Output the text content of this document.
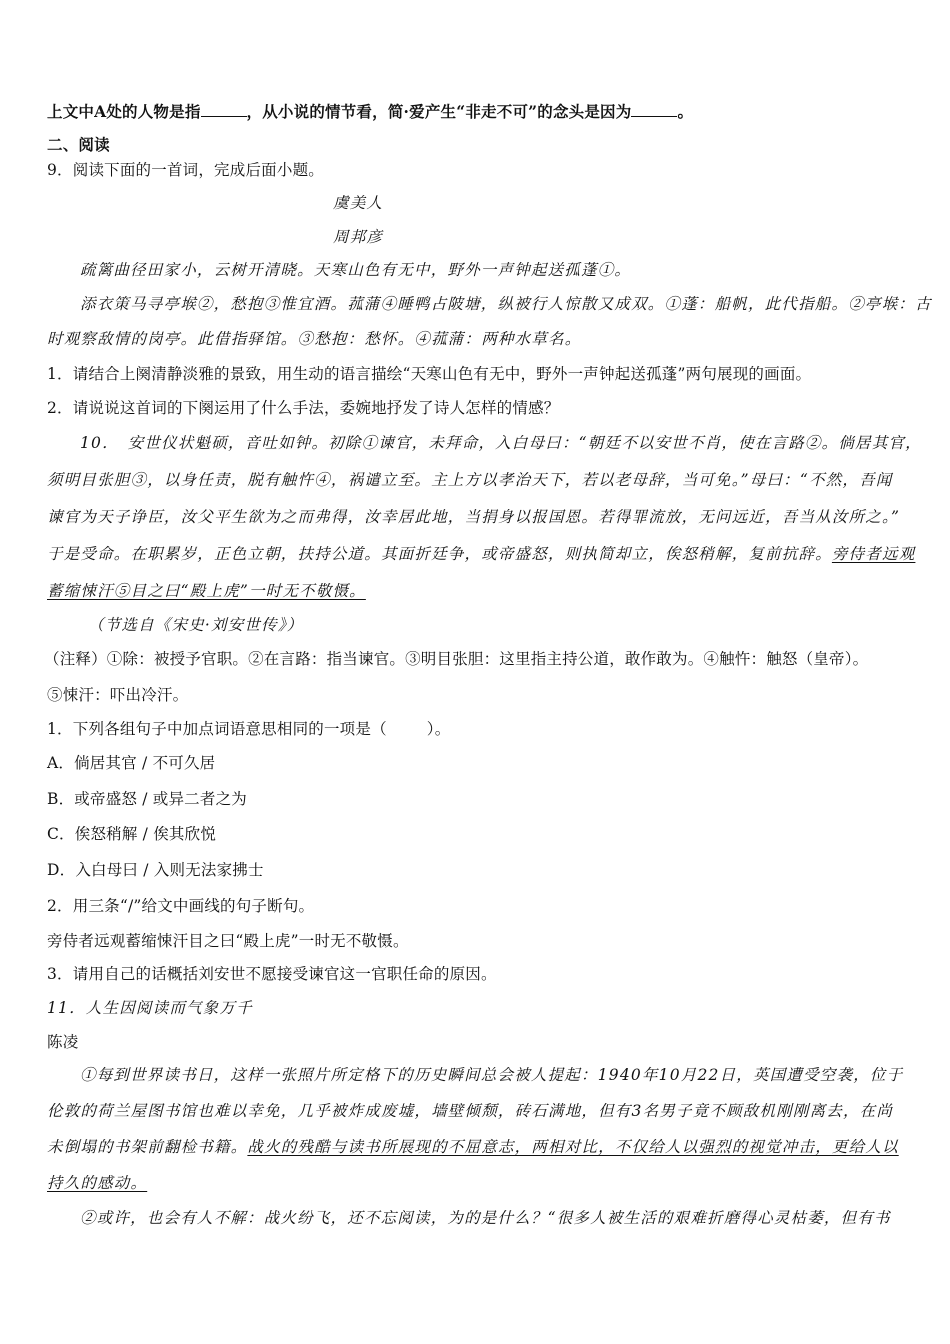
上文中A处的人物是指	，从小说的情节看，简·爱产生“非走不可”的念头是因为	。
二、阅读
9．阅读下面的一首词，完成后面小题。
虞美人
周邦彦
疏篱曲径田家小，云树开清晓。天寒山色有无中，野外一声钟起送孤蓬①。
添衣策马寻亭堠②，愁抱③惟宜酒。菰蒲④睡鸭占陂塘，纵被行人惊散又成双。①蓬：船帆，此代指船。②亭堠：古
时观察敌情的岗亭。此借指驿馆。③愁抱：愁怀。④菰蒲：两种水草名。
1．请结合上阕清静淡雅的景致，用生动的语言描绘“天寒山色有无中，野外一声钟起送孤蓬”两句展现的画面。
2．请说说这首词的下阕运用了什么手法，委婉地抒发了诗人怎样的情感？
10．　安世仪状魁硕，音吐如钟。初除①谏官，未拜命，入白母曰：“朝廷不以安世不肖，使在言路②。倘居其官，
须明目张胆③，以身任责，脱有触忤④，祸谴立至。主上方以孝治天下，若以老母辞，当可免。”母曰：“不然，吾闻
谏官为天子诤臣，汝父平生欲为之而弗得，汝幸居此地，当捐身以报国恩。若得罪流放，无问远近，吾当从汝所之。”
于是受命。在职累岁，正色立朝，扶持公道。其面折廷争，或帝盛怒，则执简却立，俟怒稍解，复前抗辞。旁侍者远观
蓄缩悚汗⑤目之曰“殿上虎”一时无不敬慑。
（节选自《宋史·刘安世传》）
（注释）①除：被授予官职。②在言路：指当谏官。③明目张胆：这里指主持公道，敢作敢为。④触忤：触怒（皇帝）。
⑤悚汗：吓出冷汗。
1．下列各组句子中加点词语意思相同的一项是（	）。
A．倘居其官 / 不可久居
B．或帝盛怒 / 或异二者之为
C．俟怒稍解 / 俟其欣悦
D．入白母曰 / 入则无法家拂士
2．用三条“/”给文中画线的句子断句。
旁侍者远观蓄缩悚汗目之曰“殿上虎”一时无不敬慑。
3．请用自己的话概括刘安世不愿接受谏官这一官职任命的原因。
11．人生因阅读而气象万千
陈凌
①每到世界读书日，这样一张照片所定格下的历史瞬间总会被人提起：1940年10月22日，英国遭受空袭，位于
伦敦的荷兰屋图书馆也难以幸免，几乎被炸成废墟，墙壁倾颓，砖石满地，但有3名男子竟不顾敌机刚刚离去，在尚
未倒塌的书架前翻检书籍。战火的残酷与读书所展现的不屈意志，两相对比，不仅给人以强烈的视觉冲击，更给人以
持久的感动。
②或许，也会有人不解：战火纷飞，还不忘阅读，为的是什么？“很多人被生活的艰难折磨得心灵枯萎，但有书
